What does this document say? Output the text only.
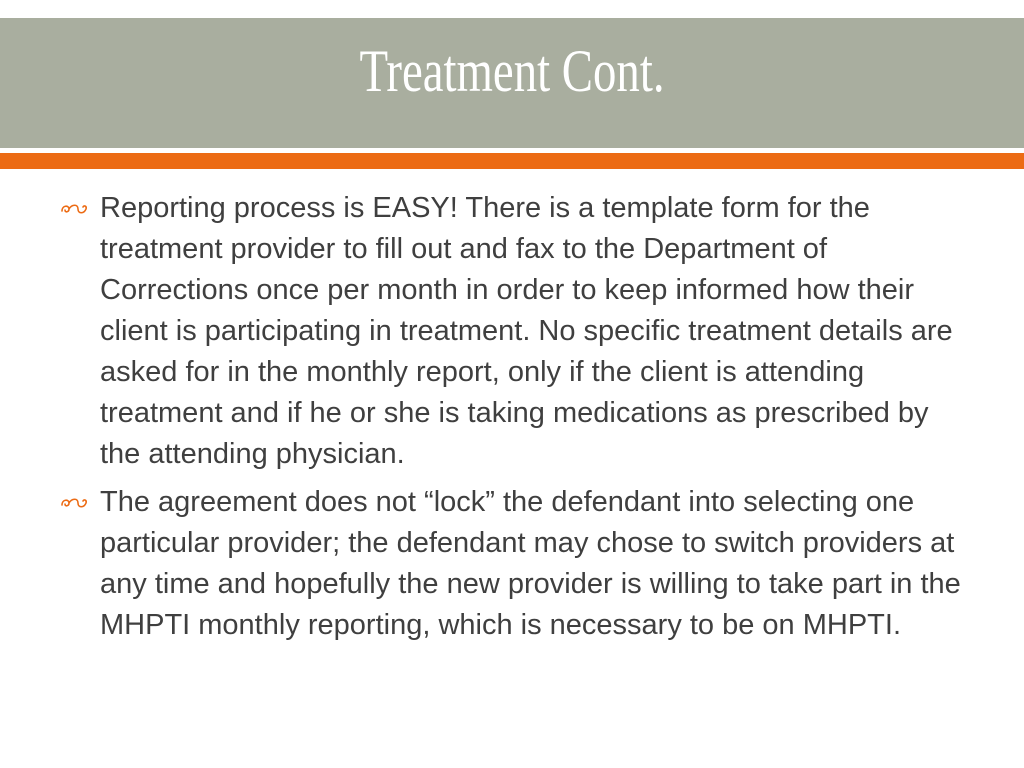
Treatment Cont.
Reporting process is EASY! There is a template form for the treatment provider to fill out and fax to the Department of Corrections once per month in order to keep informed how their client is participating in treatment. No specific treatment details are asked for in the monthly report, only if the client is attending treatment and if he or she is taking medications as prescribed by the attending physician.
The agreement does not “lock” the defendant into selecting one particular provider; the defendant may chose to switch providers at any time and hopefully the new provider is willing to take part in the MHPTI monthly reporting, which is necessary to be on MHPTI.
